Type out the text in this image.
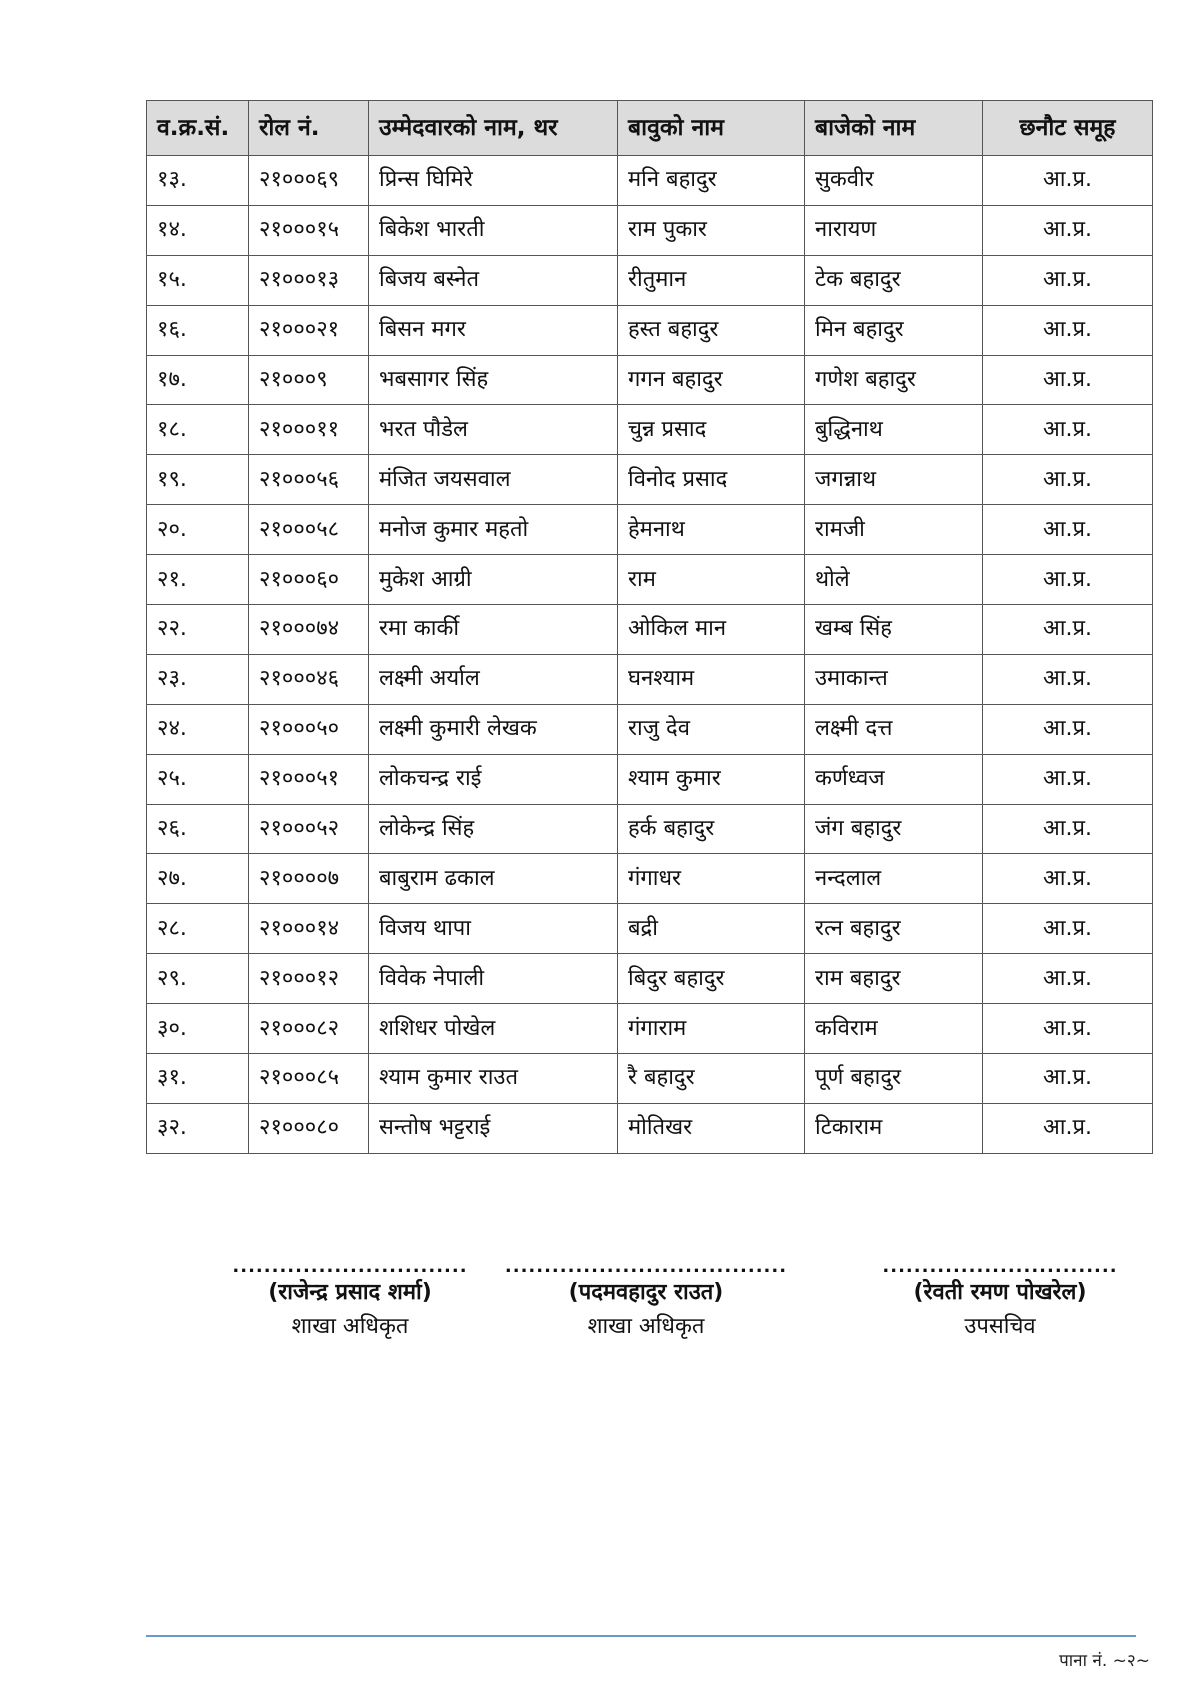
व.क्र.सं.	रोल नं.	उम्मेदवारको नाम, थर	बावुको नाम	बाजेको नाम	छनौट समूह
१३.	२१०००६९	प्रिन्स घिमिरे	मनि बहादुर	सुकवीर	आ.प्र.
१४.	२१०००१५	बिकेश भारती	राम पुकार	नारायण	आ.प्र.
१५.	२१०००१३	बिजय बस्नेत	रीतुमान	टेक बहादुर	आ.प्र.
१६.	२१०००२१	बिसन मगर	हस्त बहादुर	मिन बहादुर	आ.प्र.
१७.	२१०००९	भबसागर सिंह	गगन बहादुर	गणेश बहादुर	आ.प्र.
१८.	२१०००११	भरत पौडेल	चुन्न प्रसाद	बुद्धिनाथ	आ.प्र.
१९.	२१०००५६	मंजित जयसवाल	विनोद प्रसाद	जगन्नाथ	आ.प्र.
२०.	२१०००५८	मनोज कुमार महतो	हेमनाथ	रामजी	आ.प्र.
२१.	२१०००६०	मुकेश आग्री	राम	थोले	आ.प्र.
२२.	२१०००७४	रमा कार्की	ओकिल मान	खम्ब सिंह	आ.प्र.
२३.	२१०००४६	लक्ष्मी अर्याल	घनश्याम	उमाकान्त	आ.प्र.
२४.	२१०००५०	लक्ष्मी कुमारी लेखक	राजु देव	लक्ष्मी दत्त	आ.प्र.
२५.	२१०००५१	लोकचन्द्र राई	श्याम कुमार	कर्णध्वज	आ.प्र.
२६.	२१०००५२	लोकेन्द्र सिंह	हर्क बहादुर	जंग बहादुर	आ.प्र.
२७.	२१००००७	बाबुराम ढकाल	गंगाधर	नन्दलाल	आ.प्र.
२८.	२१०००१४	विजय थापा	बद्री	रत्न बहादुर	आ.प्र.
२९.	२१०००१२	विवेक नेपाली	बिदुर बहादुर	राम बहादुर	आ.प्र.
३०.	२१०००८२	शशिधर पोखेल	गंगाराम	कविराम	आ.प्र.
३१.	२१०००८५	श्याम कुमार राउत	रै बहादुर	पूर्ण बहादुर	आ.प्र.
३२.	२१०००८०	सन्तोष भट्टराई	मोतिखर	टिकाराम	आ.प्र.
..............................
(राजेन्द्र प्रसाद शर्मा)
शाखा अधिकृत
....................................
(पदमवहादुर राउत)
शाखा अधिकृत
..............................
(रेवती रमण पोखरेल)
उपसचिव
पाना नं. ~२~
